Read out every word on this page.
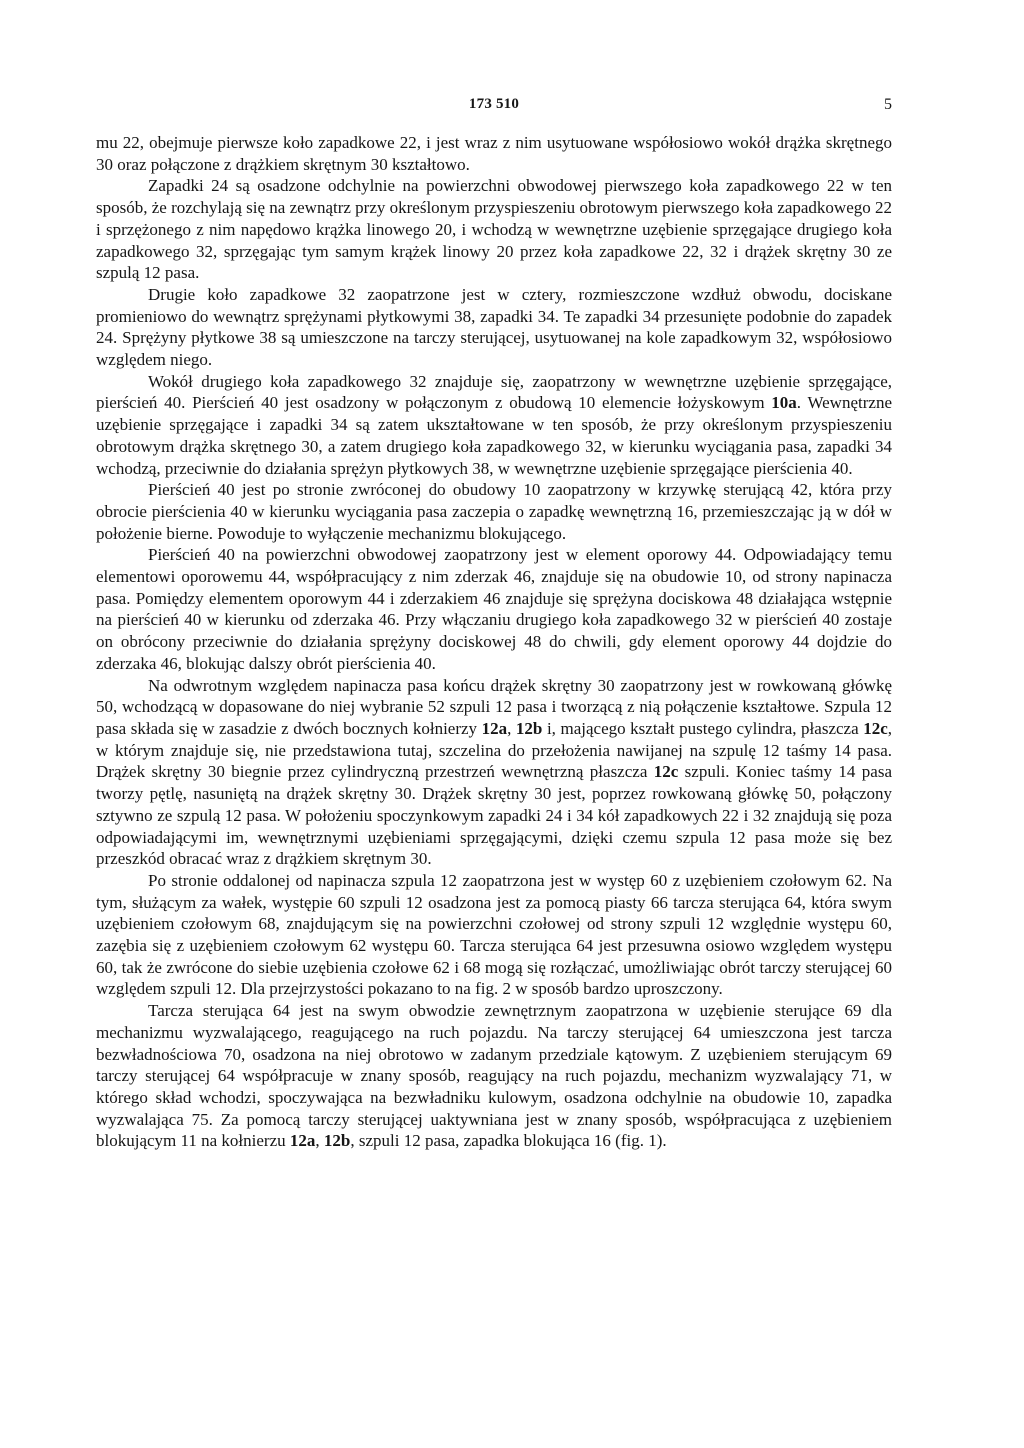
173 510	5

mu 22, obejmuje pierwsze koło zapadkowe 22, i jest wraz z nim usytuowane współosiowo wokół drążka skrętnego 30 oraz połączone z drążkiem skrętnym 30 kształtowo.

Zapadki 24 są osadzone odchylnie na powierzchni obwodowej pierwszego koła zapadkowego 22 w ten sposób, że rozchylają się na zewnątrz przy określonym przyspieszeniu obrotowym pierwszego koła zapadkowego 22 i sprzężonego z nim napędowo krążka linowego 20, i wchodzą w wewnętrzne uzębienie sprzęgające drugiego koła zapadkowego 32, sprzęgając tym samym krążek linowy 20 przez koła zapadkowe 22, 32 i drążek skrętny 30 ze szpulą 12 pasa.

Drugie koło zapadkowe 32 zaopatrzone jest w cztery, rozmieszczone wzdłuż obwodu, dociskane promieniowo do wewnątrz sprężynami płytkowymi 38, zapadki 34. Te zapadki 34 przesunięte podobnie do zapadek 24. Sprężyny płytkowe 38 są umieszczone na tarczy sterującej, usytuowanej na kole zapadkowym 32, współosiowo względem niego.

Wokół drugiego koła zapadkowego 32 znajduje się, zaopatrzony w wewnętrzne uzębienie sprzęgające, pierścień 40. Pierścień 40 jest osadzony w połączonym z obudową 10 elemencie łożyskowym 10a. Wewnętrzne uzębienie sprzęgające i zapadki 34 są zatem ukształtowane w ten sposób, że przy określonym przyspieszeniu obrotowym drążka skrętnego 30, a zatem drugiego koła zapadkowego 32, w kierunku wyciągania pasa, zapadki 34 wchodzą, przeciwnie do działania sprężyn płytkowych 38, w wewnętrzne uzębienie sprzęgające pierścienia 40.

Pierścień 40 jest po stronie zwróconej do obudowy 10 zaopatrzony w krzywkę sterującą 42, która przy obrocie pierścienia 40 w kierunku wyciągania pasa zaczepia o zapadkę wewnętrzną 16, przemieszczając ją w dół w położenie bierne. Powoduje to wyłączenie mechanizmu blokującego.

Pierścień 40 na powierzchni obwodowej zaopatrzony jest w element oporowy 44. Odpowiadający temu elementowi oporowemu 44, współpracujący z nim zderzak 46, znajduje się na obudowie 10, od strony napinacza pasa. Pomiędzy elementem oporowym 44 i zderzakiem 46 znajduje się sprężyna dociskowa 48 działająca wstępnie na pierścień 40 w kierunku od zderzaka 46. Przy włączaniu drugiego koła zapadkowego 32 w pierścień 40 zostaje on obrócony przeciwnie do działania sprężyny dociskowej 48 do chwili, gdy element oporowy 44 dojdzie do zderzaka 46, blokując dalszy obrót pierścienia 40.

Na odwrotnym względem napinacza pasa końcu drążek skrętny 30 zaopatrzony jest w rowkowaną główkę 50, wchodzącą w dopasowane do niej wybranie 52 szpuli 12 pasa i tworzącą z nią połączenie kształtowe. Szpula 12 pasa składa się w zasadzie z dwóch bocznych kołnierzy 12a, 12b i, mającego kształt pustego cylindra, płaszcza 12c, w którym znajduje się, nie przedstawiona tutaj, szczelina do przełożenia nawijanej na szpulę 12 taśmy 14 pasa. Drążek skrętny 30 biegnie przez cylindryczną przestrzeń wewnętrzną płaszcza 12c szpuli. Koniec taśmy 14 pasa tworzy pętlę, nasuniętą na drążek skrętny 30. Drążek skrętny 30 jest, poprzez rowkowaną główkę 50, połączony sztywno ze szpulą 12 pasa. W położeniu spoczynkowym zapadki 24 i 34 kół zapadkowych 22 i 32 znajdują się poza odpowiadającymi im, wewnętrznymi uzębieniami sprzęgającymi, dzięki czemu szpula 12 pasa może się bez przeszkód obracać wraz z drążkiem skrętnym 30.

Po stronie oddalonej od napinacza szpula 12 zaopatrzona jest w występ 60 z uzębieniem czołowym 62. Na tym, służącym za wałek, występie 60 szpuli 12 osadzona jest za pomocą piasty 66 tarcza sterująca 64, która swym uzębieniem czołowym 68, znajdującym się na powierzchni czołowej od strony szpuli 12 względnie występu 60, zazębia się z uzębieniem czołowym 62 występu 60. Tarcza sterująca 64 jest przesuwna osiowo względem występu 60, tak że zwrócone do siebie uzębienia czołowe 62 i 68 mogą się rozłączać, umożliwiając obrót tarczy sterującej 60 względem szpuli 12. Dla przejrzystości pokazano to na fig. 2 w sposób bardzo uproszczony.

Tarcza sterująca 64 jest na swym obwodzie zewnętrznym zaopatrzona w uzębienie sterujące 69 dla mechanizmu wyzwalającego, reagującego na ruch pojazdu. Na tarczy sterującej 64 umieszczona jest tarcza bezwładnościowa 70, osadzona na niej obrotowo w zadanym przedziale kątowym. Z uzębieniem sterującym 69 tarczy sterującej 64 współpracuje w znany sposób, reagujący na ruch pojazdu, mechanizm wyzwalający 71, w którego skład wchodzi, spoczywająca na bezwładniku kulowym, osadzona odchylnie na obudowie 10, zapadka wyzwalająca 75. Za pomocą tarczy sterującej uaktywniana jest w znany sposób, współpracująca z uzębieniem blokującym 11 na kołnierzu 12a, 12b, szpuli 12 pasa, zapadka blokująca 16 (fig. 1).
